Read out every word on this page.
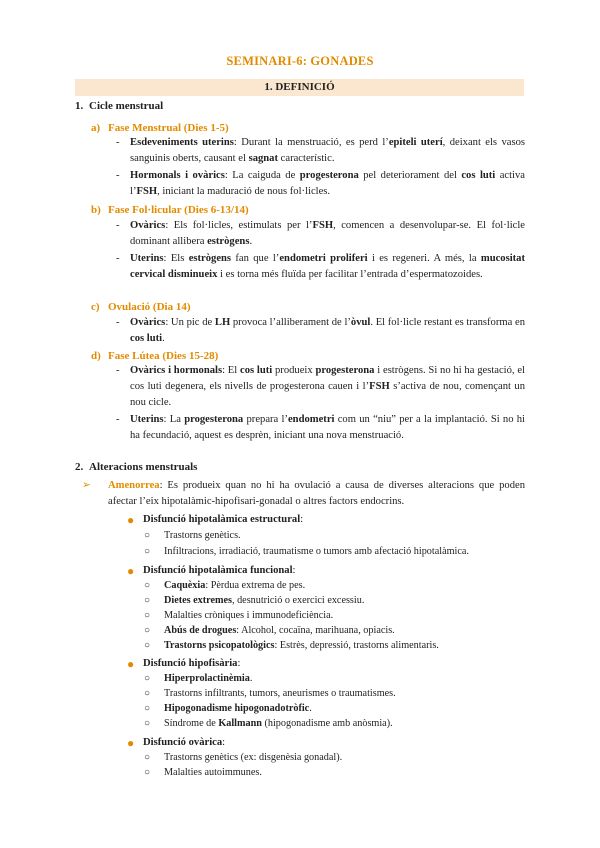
SEMINARI-6: GONADES
1. DEFINICIÓ
1. Cicle menstrual
a) Fase Menstrual (Dies 1-5)
- Esdeveniments uterins: Durant la menstruació, es perd l’epiteli uterí, deixant els vasos sanguinis oberts, causant el sagnat característic.
- Hormonals i ovàrics: La caiguda de progesterona pel deteriorament del cos luti activa l’FSH, iniciant la maduració de nous fol·licles.
b) Fase Fol·licular (Dies 6-13/14)
- Ovàrics: Els fol·licles, estimulats per l’FSH, comencen a desenvolupar-se. El fol·licle dominant allibera estrògens.
- Uterins: Els estrògens fan que l’endometri proliferi i es regeneri. A més, la mucositat cervical disminueix i es torna més fluïda per facilitar l’entrada d’espermatozoides.
c) Ovulació (Dia 14)
- Ovàrics: Un pic de LH provoca l’alliberament de l’òvul. El fol·licle restant es transforma en cos luti.
d) Fase Lútea (Dies 15-28)
- Ovàrics i hormonals: El cos luti produeix progesterona i estrògens. Si no hi ha gestació, el cos luti degenera, els nivells de progesterona cauen i l’FSH s’activa de nou, començant un nou cicle.
- Uterins: La progesterona prepara l’endometri com un “niu” per a la implantació. Si no hi ha fecundació, aquest es desprèn, iniciant una nova menstruació.
2. Alteracions menstruals
➢ Amenorrea: Es produeix quan no hi ha ovulació a causa de diverses alteracions que poden afectar l’eix hipotalàmic-hipofisari-gonadal o altres factors endocrins.
● Disfunció hipotalàmica estructural:
○ Trastorns genètics.
○ Infiltracions, irradiació, traumatisme o tumors amb afectació hipotalàmica.
● Disfunció hipotalàmica funcional:
○ Caquèxia: Pèrdua extrema de pes.
○ Dietes extremes, desnutrició o exercici excessiu.
○ Malalties cròniques i immunodeficiència.
○ Abús de drogues: Alcohol, cocaïna, marihuana, opiacis.
○ Trastorns psicopatològics: Estrès, depressió, trastorns alimentaris.
● Disfunció hipofisària:
○ Hiperprolactinèmia.
○ Trastorns infiltrants, tumors, aneurismes o traumatismes.
○ Hipogonadisme hipogonadotròfic.
○ Síndrome de Kallmann (hipogonadisme amb anòsmia).
● Disfunció ovàrica:
○ Trastorns genètics (ex: disgenèsia gonadal).
○ Malalties autoimmunes.
